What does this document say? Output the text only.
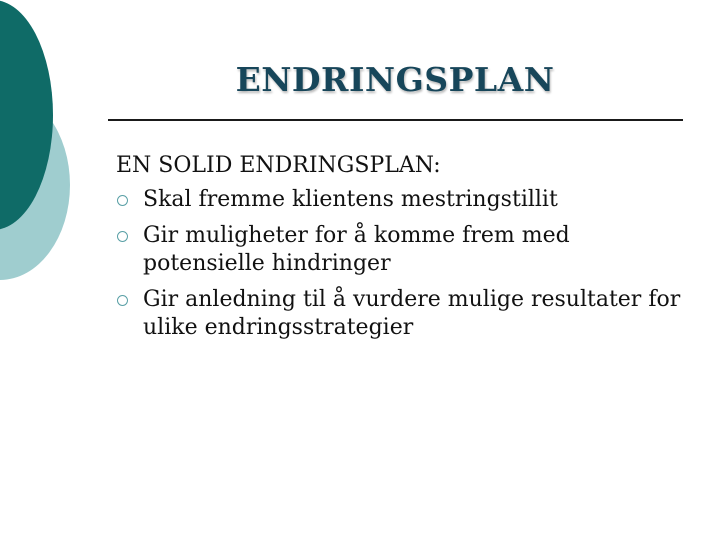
ENDRINGSPLAN

EN SOLID ENDRINGSPLAN:

Skal fremme klientens mestringstillit
Gir muligheter for å komme frem med potensielle hindringer
Gir anledning til å vurdere mulige resultater for ulike endringsstrategier
